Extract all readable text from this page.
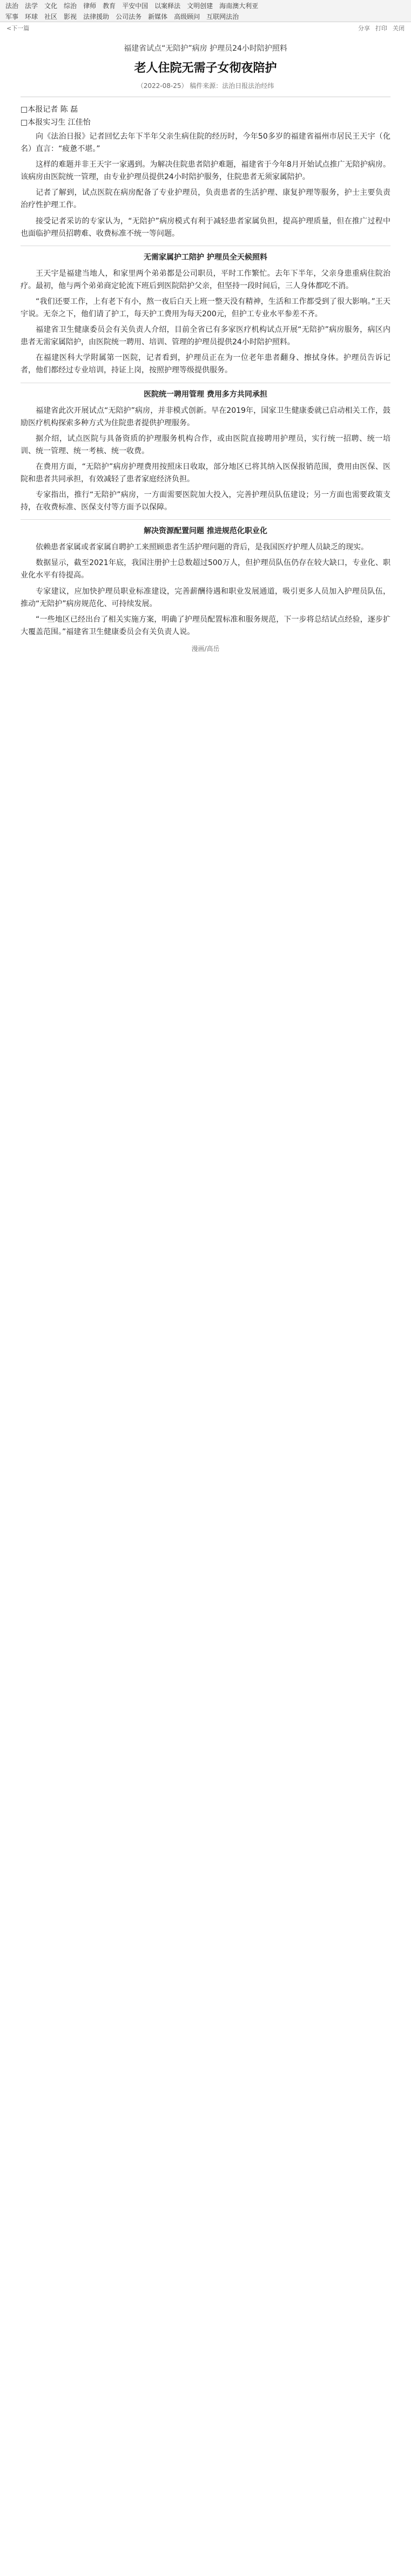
法治 法学 文化 综治 律师 教育 平安中国 以案释法 文明创建 海南澳大利亚
军事 环球 社区 影视 法律援助 公司法务 新媒体 高级顾问 互联网法治
<下一篇	分享 打印 关闭
福建省试点“无陪护”病房 护理员24小时陪护照料
老人住院无需子女彻夜陪护
（2022-08-25） 稿件来源：法治日报法治经纬
□本报记者 陈 磊
□本报实习生 江佳怡

向《法治日报》记者回忆去年下半年父亲生病住院的经历时，今年50多岁的福建省福州市居民王天宇（化名）直言：“疲惫不堪。”

这样的难题并非王天宇一家遇到。为解决住院患者陪护难题，福建省于今年8月开始试点推广无陪护病房。该病房由医院统一管理，由专业护理员提供24小时陪护服务，住院患者无须家属陪护。

记者了解到，试点医院在病房配备了专业护理员，负责患者的生活护理、康复护理等服务，护士主要负责治疗性护理工作。

接受记者采访的专家认为，“无陪护”病房模式有利于减轻患者家属负担，提高护理质量，但在推广过程中也面临护理员招聘难、收费标准不统一等问题。

无需家属护工陪护 护理员全天候照料

王天宇是福建当地人，和家里两个弟弟都是公司职员，平时工作繁忙。去年下半年，父亲身患重病住院治疗。最初，他与两个弟弟商定轮流下班后到医院陪护父亲，但坚持一段时间后，三人身体都吃不消。

“我们还要工作，上有老下有小，熬一夜后白天上班一整天没有精神，生活和工作都受到了很大影响。”王天宇说。无奈之下，他们请了护工，每天护工费用为每天200元，但护工专业水平参差不齐。

福建省卫生健康委员会有关负责人介绍，目前全省已有多家医疗机构试点开展“无陪护”病房服务，病区内患者无需家属陪护，由医院统一聘用、培训、管理的护理员提供24小时陪护照料。

在福建医科大学附属第一医院，记者看到，护理员正在为一位老年患者翻身、擦拭身体。护理员告诉记者，他们都经过专业培训，持证上岗，按照护理等级提供服务。

医院统一聘用管理 费用多方共同承担

福建省此次开展试点“无陪护”病房，并非模式创新。早在2019年，国家卫生健康委就已启动相关工作，鼓励医疗机构探索多种方式为住院患者提供护理服务。

据介绍，试点医院与具备资质的护理服务机构合作，或由医院直接聘用护理员，实行统一招聘、统一培训、统一管理、统一考核、统一收费。

在费用方面，“无陪护”病房护理费用按照床日收取，部分地区已将其纳入医保报销范围，费用由医保、医院和患者共同承担，有效减轻了患者家庭经济负担。

专家指出，推行“无陪护”病房，一方面需要医院加大投入，完善护理员队伍建设；另一方面也需要政策支持，在收费标准、医保支付等方面予以保障。

解决资源配置问题 推进规范化职业化

依赖患者家属或者家属自聘护工来照顾患者生活护理问题的背后，是我国医疗护理人员缺乏的现实。

数据显示，截至2021年底，我国注册护士总数超过500万人，但护理员队伍仍存在较大缺口，专业化、职业化水平有待提高。

专家建议，应加快护理员职业标准建设，完善薪酬待遇和职业发展通道，吸引更多人员加入护理员队伍，推动“无陪护”病房规范化、可持续发展。

“一些地区已经出台了相关实施方案，明确了护理员配置标准和服务规范，下一步将总结试点经验，逐步扩大覆盖范围。”福建省卫生健康委员会有关负责人说。

漫画/高岳
